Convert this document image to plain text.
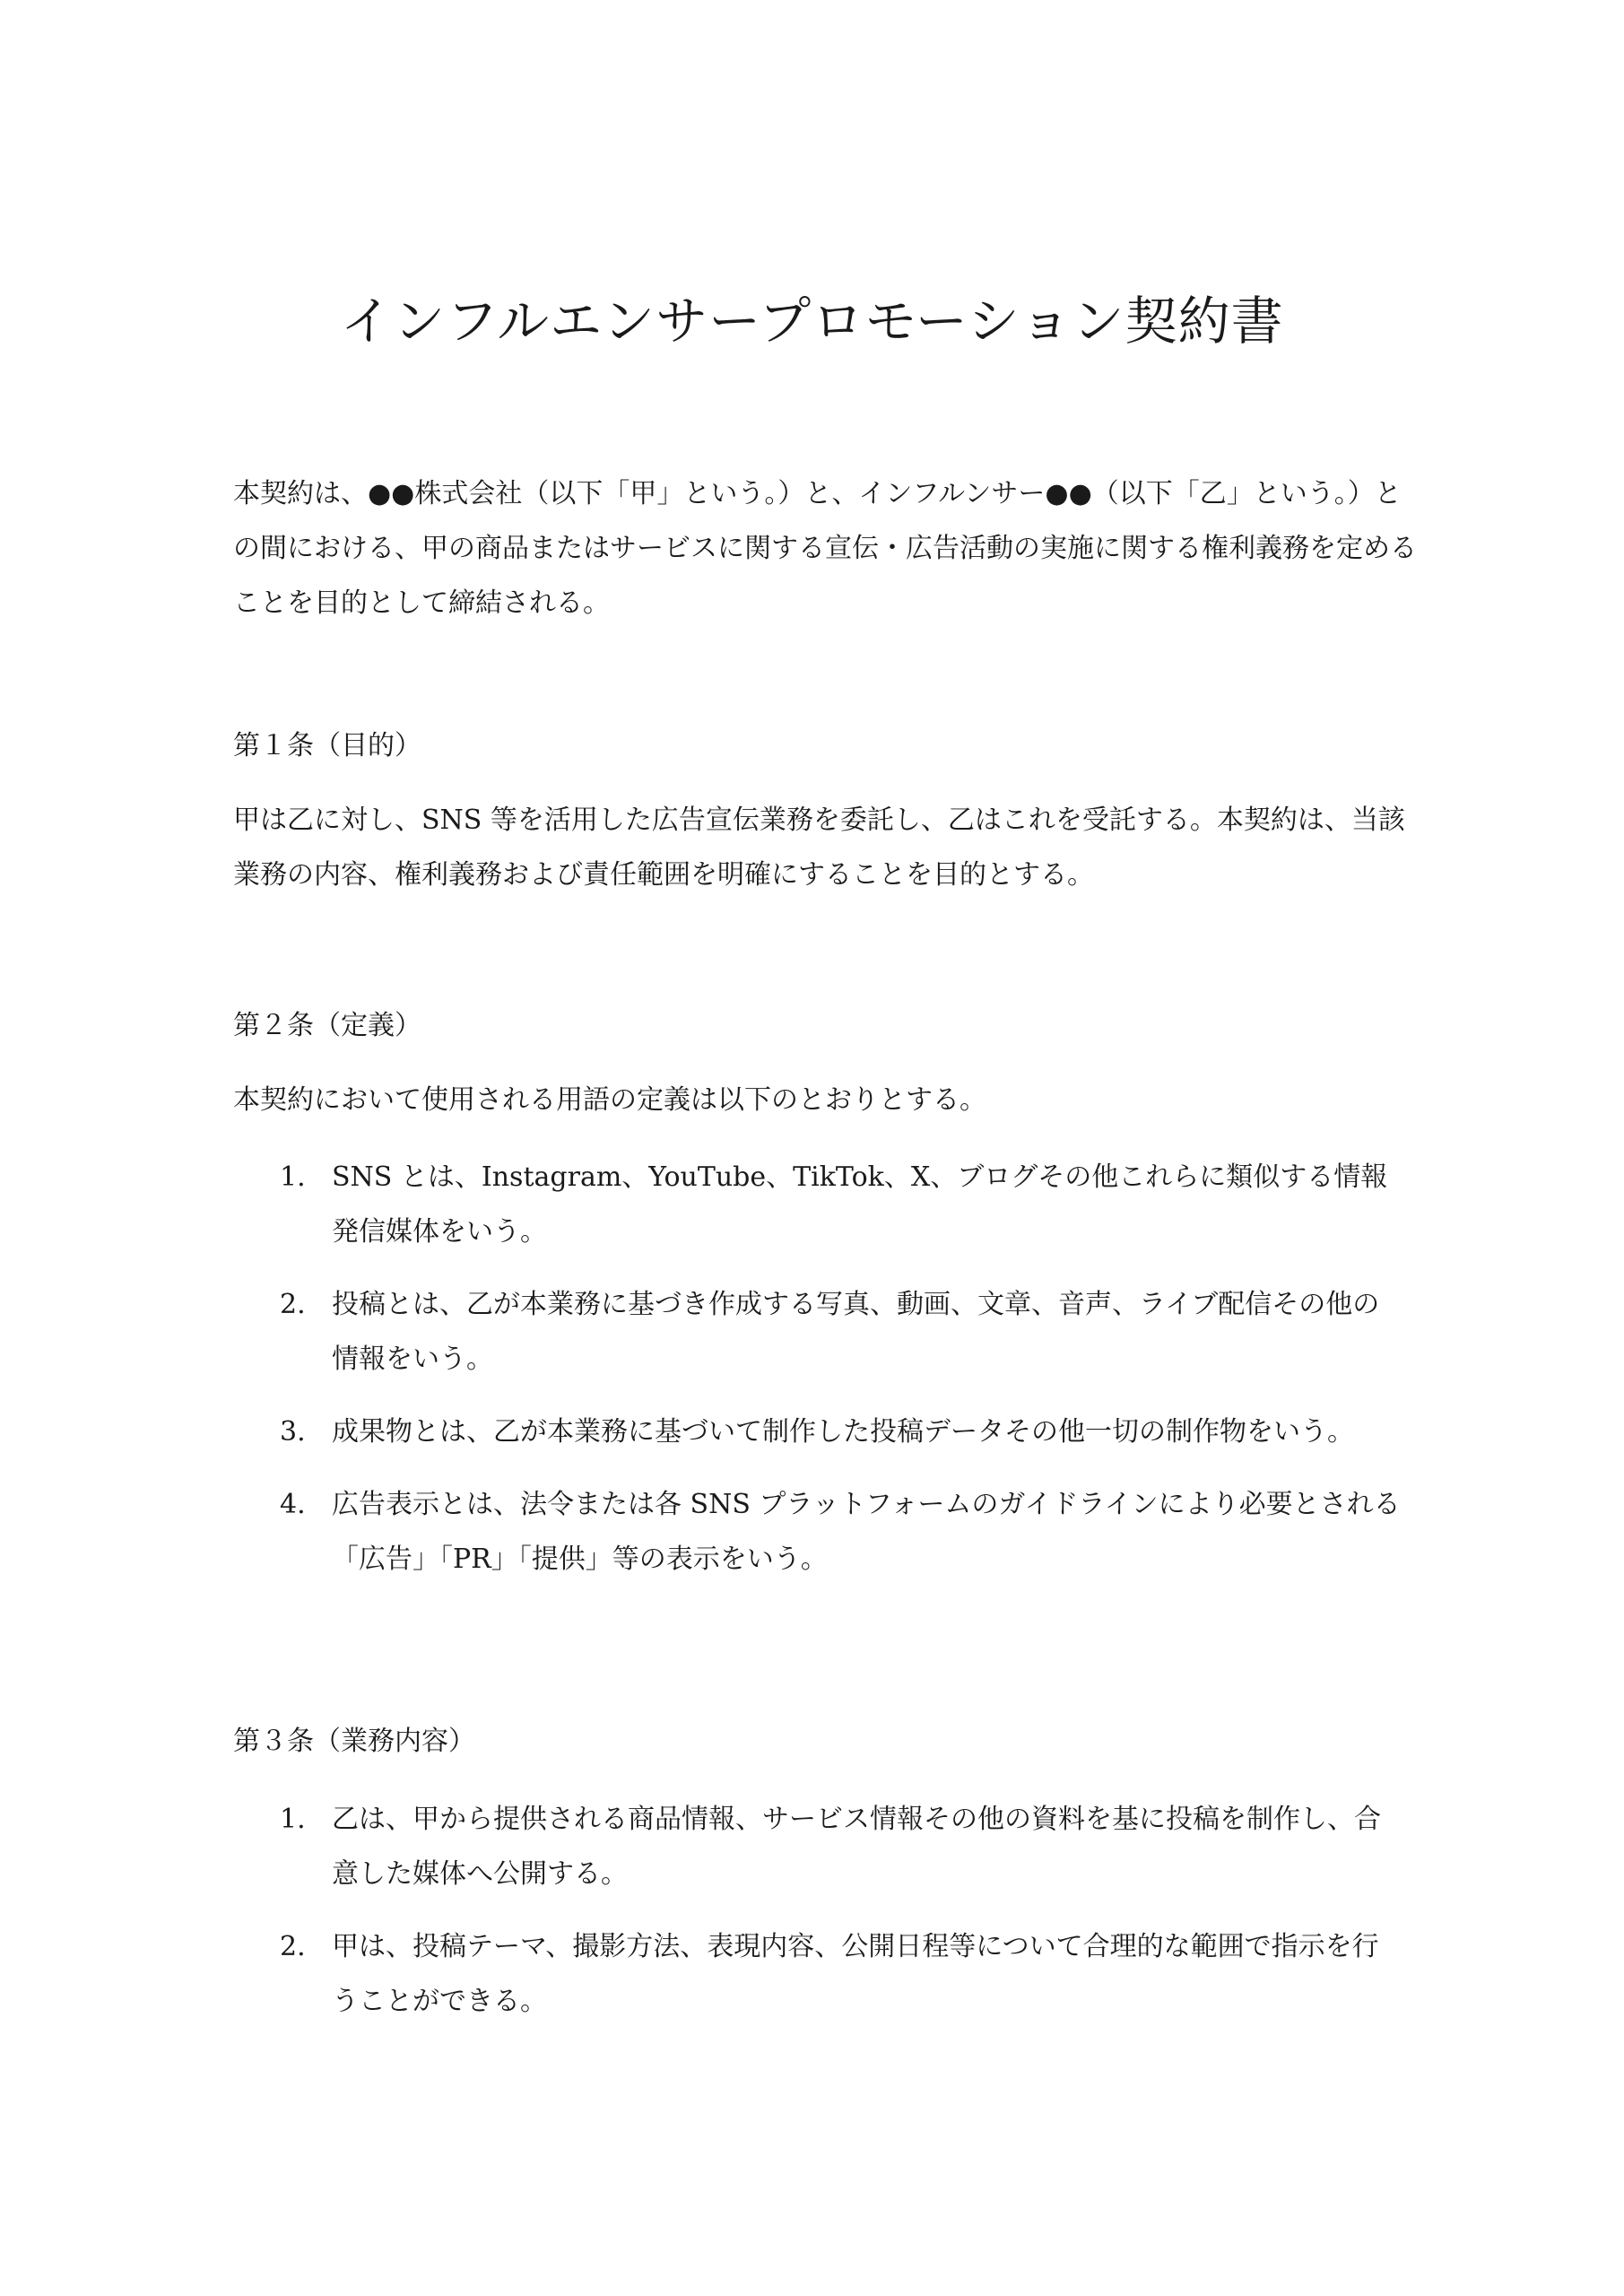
インフルエンサープロモーション契約書

本契約は、●●株式会社（以下「甲」という。）と、インフルンサー●●（以下「乙」という。）との間における、甲の商品またはサービスに関する宣伝・広告活動の実施に関する権利義務を定めることを目的として締結される。

第１条（目的）

甲は乙に対し、SNS 等を活用した広告宣伝業務を委託し、乙はこれを受託する。本契約は、当該業務の内容、権利義務および責任範囲を明確にすることを目的とする。

第２条（定義）

本契約において使用される用語の定義は以下のとおりとする。

1. SNS とは、Instagram、YouTube、TikTok、X、ブログその他これらに類似する情報発信媒体をいう。
2. 投稿とは、乙が本業務に基づき作成する写真、動画、文章、音声、ライブ配信その他の情報をいう。
3. 成果物とは、乙が本業務に基づいて制作した投稿データその他一切の制作物をいう。
4. 広告表示とは、法令または各 SNS プラットフォームのガイドラインにより必要とされる「広告」「PR」「提供」等の表示をいう。
第３条（業務内容）
1. 乙は、甲から提供される商品情報、サービス情報その他の資料を基に投稿を制作し、合意した媒体へ公開する。
2. 甲は、投稿テーマ、撮影方法、表現内容、公開日程等について合理的な範囲で指示を行うことができる。
